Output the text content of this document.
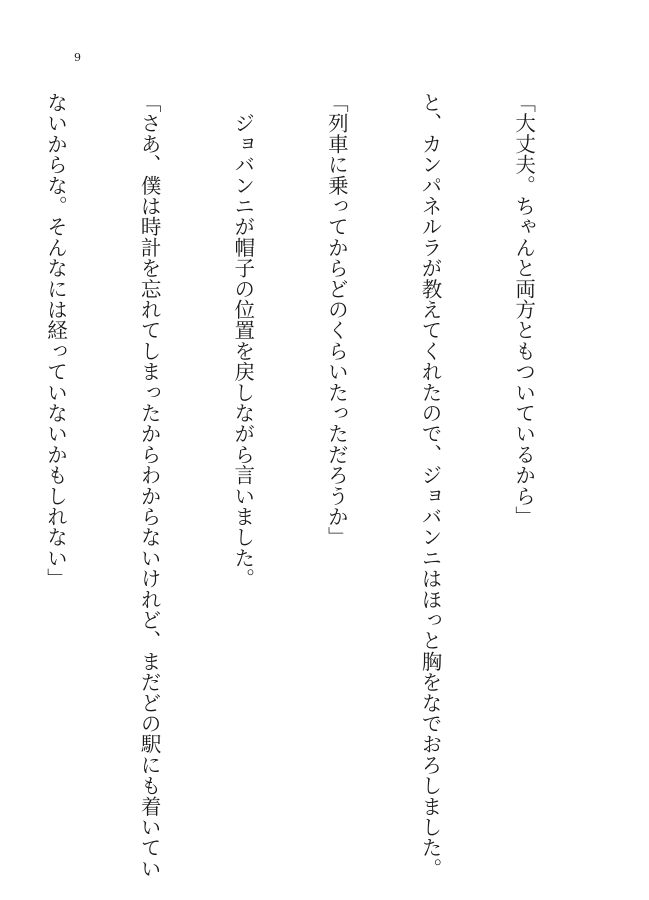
9

「大丈夫。ちゃんと両方ともついているから」

と、カンパネルラが教えてくれたので、ジョバンニはほっと胸をなでおろしました。

「列車に乗ってからどのくらいたっただろうか」

　ジョバンニが帽子の位置を戻しながら言いました。

「さあ、僕は時計を忘れてしまったからわからないけれど、まだどの駅にも着いてい

ないからな。そんなには経っていないかもしれない」
